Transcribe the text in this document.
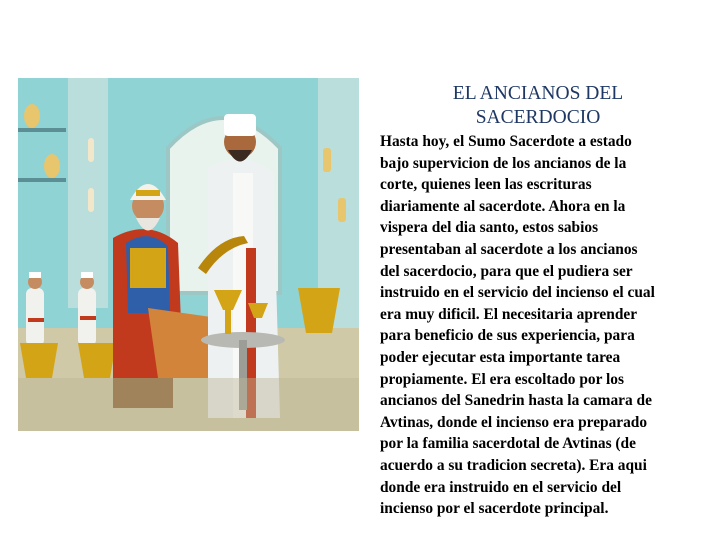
EL ANCIANOS DEL
SACERDOCIO
Hasta hoy, el Sumo Sacerdote a estado
bajo supervicion de los ancianos de la
corte, quienes leen las escrituras
diariamente al sacerdote. Ahora en la
vispera del dia santo, estos sabios
presentaban al sacerdote a los ancianos
del sacerdocio, para que el pudiera ser
instruido en el servicio del incienso el cual
era muy dificil. El necesitaria aprender
para beneficio de sus experiencia, para
poder ejecutar esta importante tarea
propiamente. El era escoltado por los
ancianos del Sanedrin hasta la camara de
Avtinas, donde el incienso era preparado
por la familia sacerdotal de Avtinas (de
acuerdo a su tradicion secreta). Era aqui
donde era instruido en el servicio del
incienso por el sacerdote principal.
